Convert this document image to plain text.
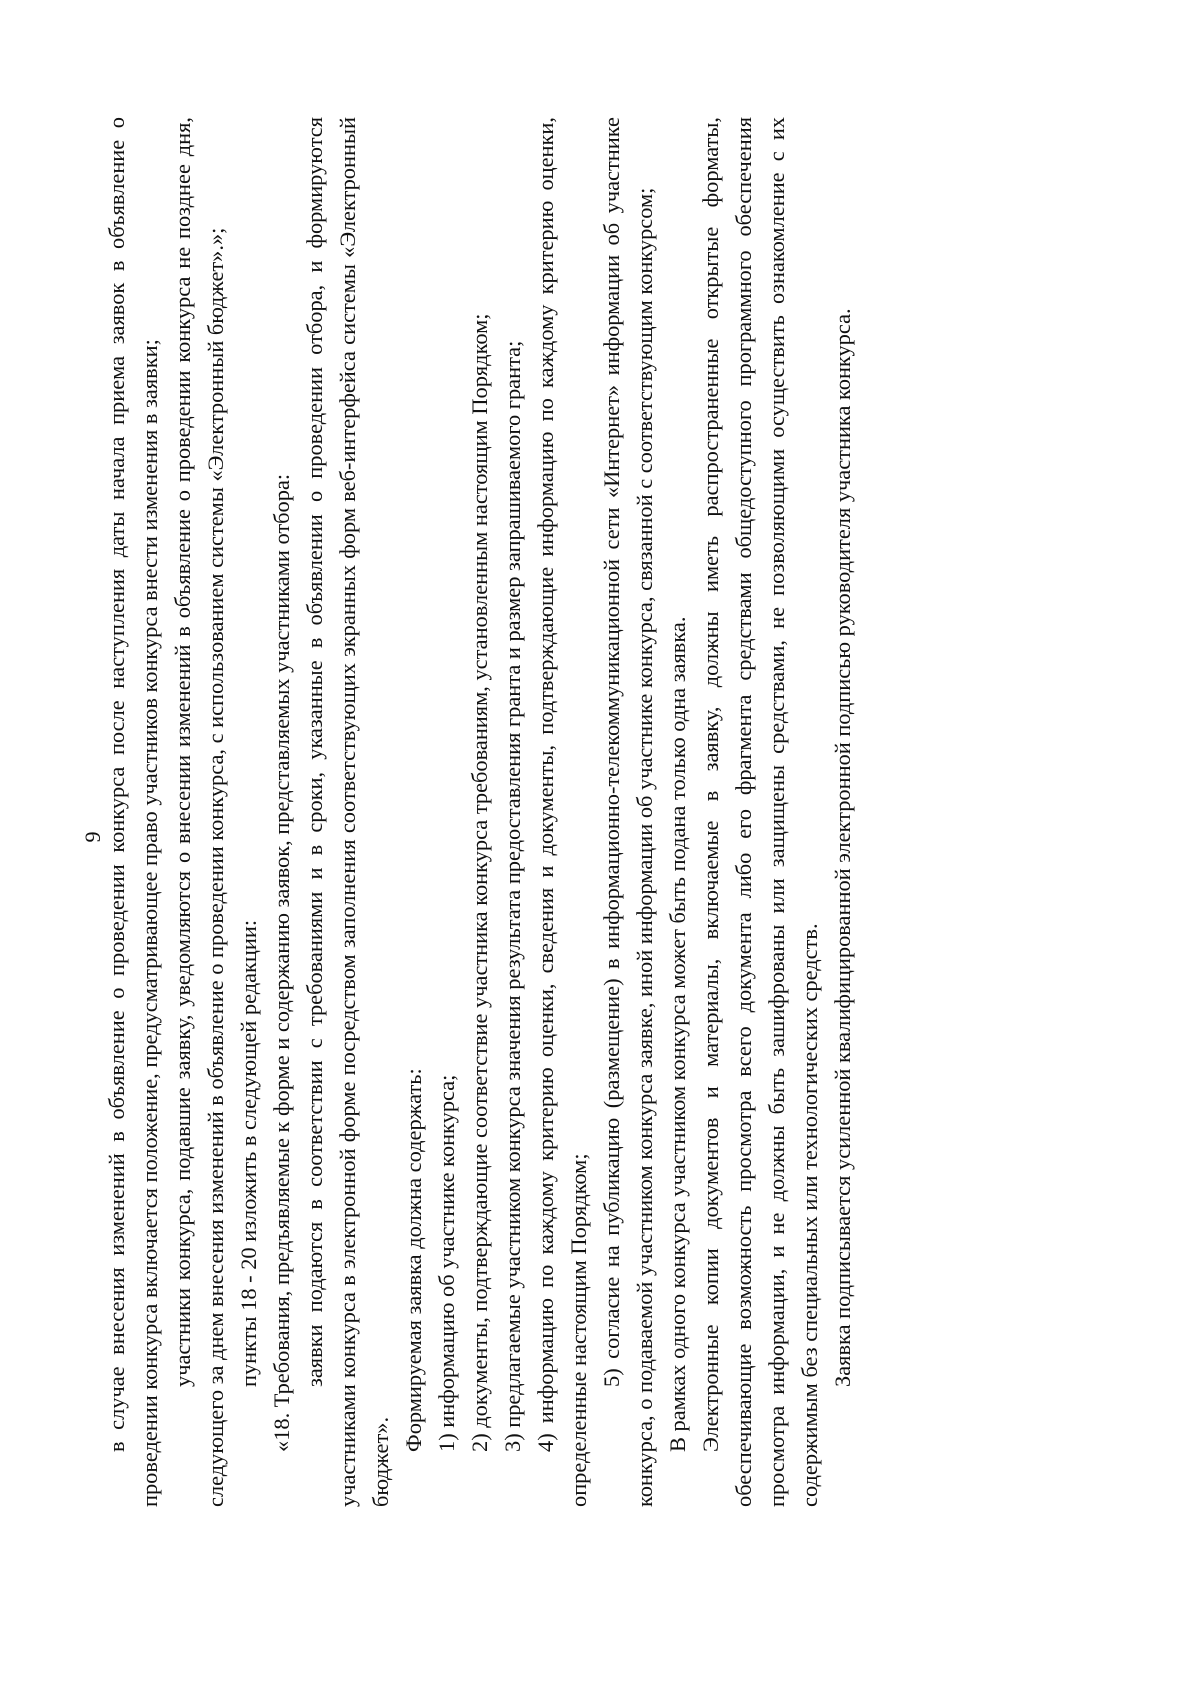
9 в случае внесения изменений в объявление о проведении конкурса после наступления даты начала приема заявок в объявление о проведении конкурса включается положение, предусматривающее право участников конкурса внести изменения в заявки; участники конкурса, подавшие заявку, уведомляются о внесении изменений в объявление о проведении конкурса не позднее дня, следующего за днем внесения изменений в объявление о проведении конкурса, с использованием системы «Электронный бюджет».»; пункты 18 - 20 изложить в следующей редакции: «18. Требования, предъявляемые к форме и содержанию заявок, представляемых участниками отбора: заявки подаются в соответствии с требованиями и в сроки, указанные в объявлении о проведении отбора, и формируются участниками конкурса в электронной форме посредством заполнения соответствующих экранных форм веб-интерфейса системы «Электронный бюджет».

Формируемая заявка должна содержать: 1) информацию об участнике конкурса; 2) документы, подтверждающие соответствие участника конкурса требованиям, установленным настоящим Порядком; 3) предлагаемые участником конкурса значения результата предоставления гранта и размер запрашиваемого гранта; 4) информацию по каждому критерию оценки, сведения и документы, подтверждающие информацию по каждому критерию оценки, определенные настоящим Порядком; 5) согласие на публикацию (размещение) в информационно-телекоммуникационной сети «Интернет» информации об участнике конкурса, о подаваемой участником конкурса заявке, иной информации об участнике конкурса, связанной с соответствующим конкурсом; В рамках одного конкурса участником конкурса может быть подана только одна заявка. Электронные копии документов и материалы, включаемые в заявку, должны иметь распространенные открытые форматы, обеспечивающие возможность просмотра всего документа либо его фрагмента средствами общедоступного программного обеспечения просмотра информации, и не должны быть зашифрованы или защищены средствами, не позволяющими осуществить ознакомление с их содержимым без специальных или технологических средств. Заявка подписывается усиленной квалифицированной электронной подписью руководителя участника конкурса.
